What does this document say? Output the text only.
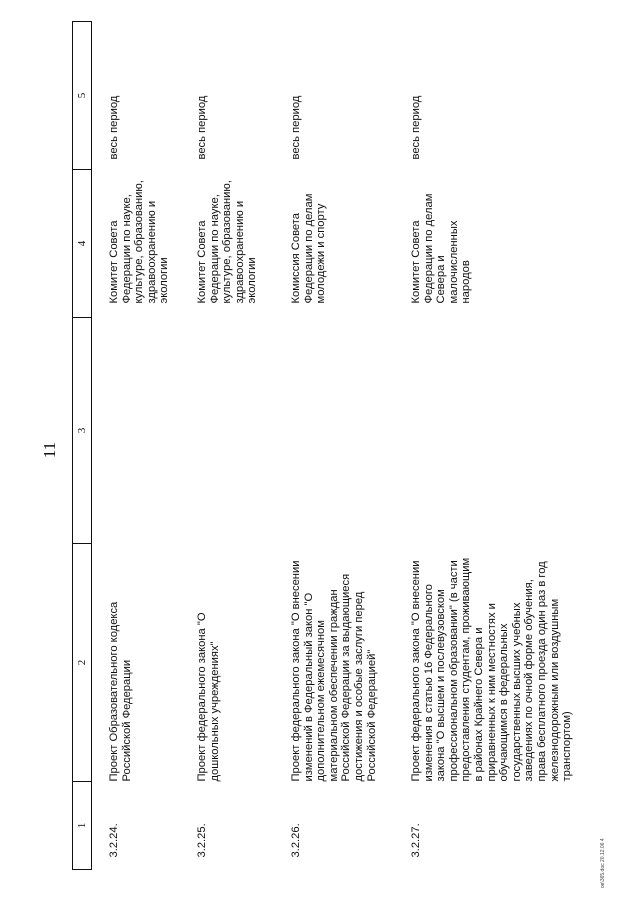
11
1	2	3	4	5
3.2.24.	Проект Образовательного кодекса Российской Федерации		Комитет Совета Федерации по науке, культуре, образованию, здравоохранению и экологии	весь период
3.2.25.	Проект федерального закона "О дошкольных учреждениях"		Комитет Совета Федерации по науке, культуре, образованию, здравоохранению и экологии	весь период
3.2.26.	Проект федерального закона "О внесении изменений в Федеральный закон "О дополнительном ежемесячном материальном обеспечении граждан Российской Федерации за выдающиеся достижения и особые заслуги перед Российской Федерацией"		Комиссия Совета Федерации по делам молодежи и спорту	весь период
3.2.27.	Проект федерального закона "О внесении изменения в статью 16 Федерального закона "О высшем и послевузовском профессиональном образовании" (в части предоставления студентам, проживающим в районах Крайнего Севера и приравненных к ним местностях и обучающимся в федеральных государственных высших учебных заведениях по очной форме обучения, права бесплатного проезда один раз в год железнодорожным или воздушным транспортом)		Комитет Совета Федерации по делам Севера и малочисленных народов	весь период
ов\365.doc 20.12.06 4
